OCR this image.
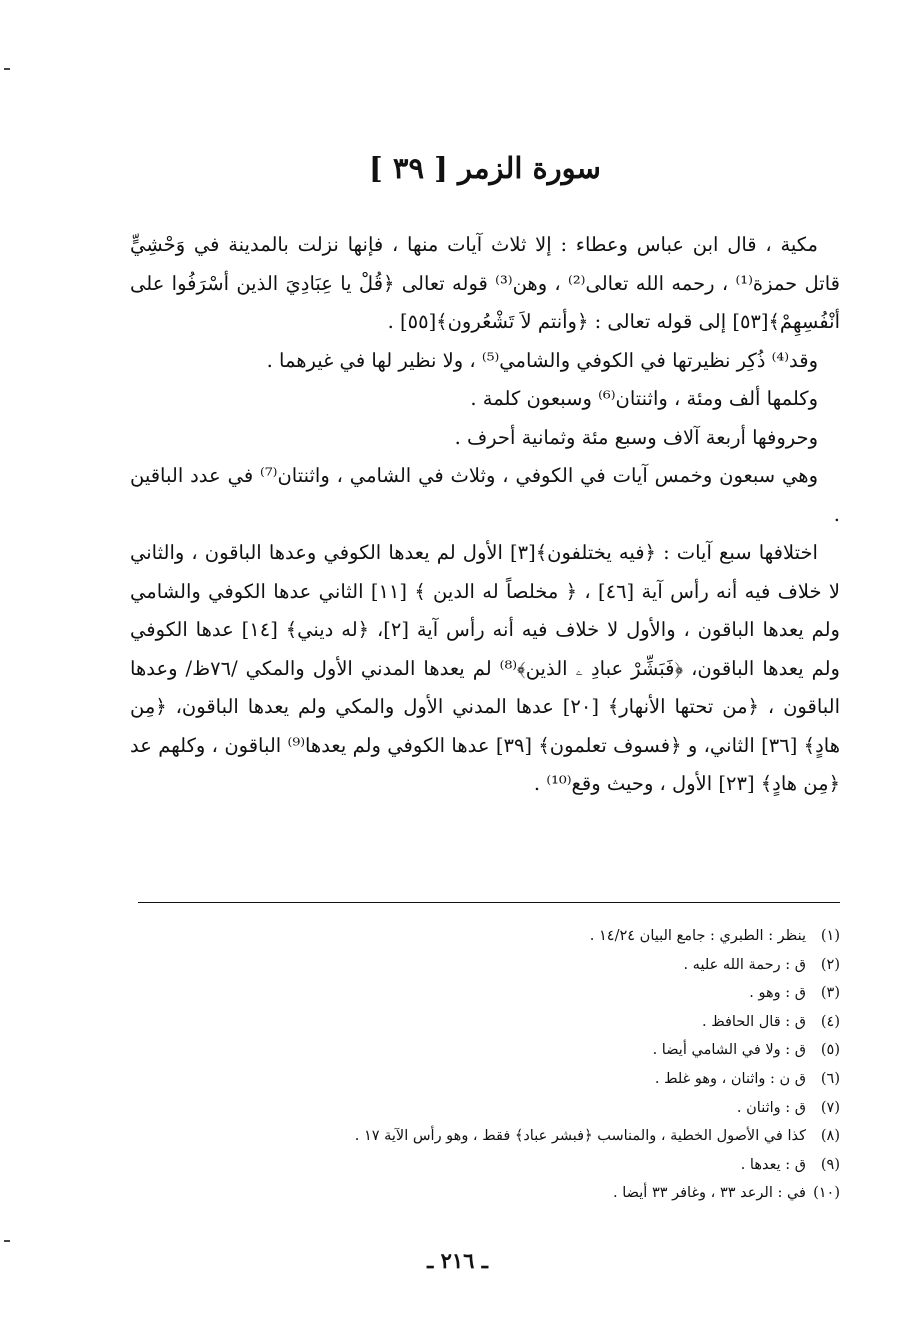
سورة الزمر [ ٣٩ ]

مكية ، قال ابن عباس وعطاء : إلا ثلاث آيات منها ، فإنها نزلت بالمدينة في وَحْشِيٍّ قاتل حمزة⁽¹⁾ ، رحمه الله تعالى⁽²⁾ ، وهن⁽³⁾ قوله تعالى ﴿قُلْ يا عِبَادِيَ الذين أسْرَفُوا على أنْفُسِهِمْ﴾[٥٣] إلى قوله تعالى : ﴿وأنتم لاَ تَشْعُرون﴾[٥٥] .

وقد⁽⁴⁾ ذُكِر نظيرتها في الكوفي والشامي⁽⁵⁾ ، ولا نظير لها في غيرهما .

وكلمها ألف ومئة ، واثنتان⁽⁶⁾ وسبعون كلمة .

وحروفها أربعة آلاف وسبع مئة وثمانية أحرف .

وهي سبعون وخمس آيات في الكوفي ، وثلاث في الشامي ، واثنتان⁽⁷⁾ في عدد الباقين .

اختلافها سبع آيات : ﴿فيه يختلفون﴾[٣] الأول لم يعدها الكوفي وعدها الباقون ، والثاني لا خلاف فيه أنه رأس آية [٤٦] ، ﴿ مخلصاً له الدين ﴾ [١١] الثاني عدها الكوفي والشامي ولم يعدها الباقون ، والأول لا خلاف فيه أنه رأس آية [٢]، ﴿له ديني﴾ [١٤] عدها الكوفي ولم يعدها الباقون، ﴿فَبَشِّرْ عبادِ ۦ الذين﴾⁽⁸⁾ لم يعدها المدني الأول والمكي /٧٦ظ/ وعدها الباقون ، ﴿من تحتها الأنهار﴾ [٢٠] عدها المدني الأول والمكي ولم يعدها الباقون، ﴿مِن هادٍ﴾ [٣٦] الثاني، و ﴿فسوف تعلمون﴾ [٣٩] عدها الكوفي ولم يعدها⁽⁹⁾ الباقون ، وكلهم عد ﴿مِن هادٍ﴾ [٢٣] الأول ، وحيث وقع⁽¹⁰⁾ .

(١)
ينظر : الطبري : جامع البيان ١٤/٢٤ .
(٢)
ق : رحمة الله عليه .
(٣)
ق : وهو .
(٤)
ق : قال الحافظ .
(٥)
ق : ولا في الشامي أيضا .
(٦)
ق ن : واثنان ، وهو غلط .
(٧)
ق : واثنان .
(٨)
كذا في الأصول الخطية ، والمناسب ﴿فبشر عباد﴾ فقط ، وهو رأس الآية ١٧ .
(٩)
ق : يعدها .
(١٠)
في : الرعد ٣٣ ، وغافر ٣٣ أيضا .
ـ ٢١٦ ـ
